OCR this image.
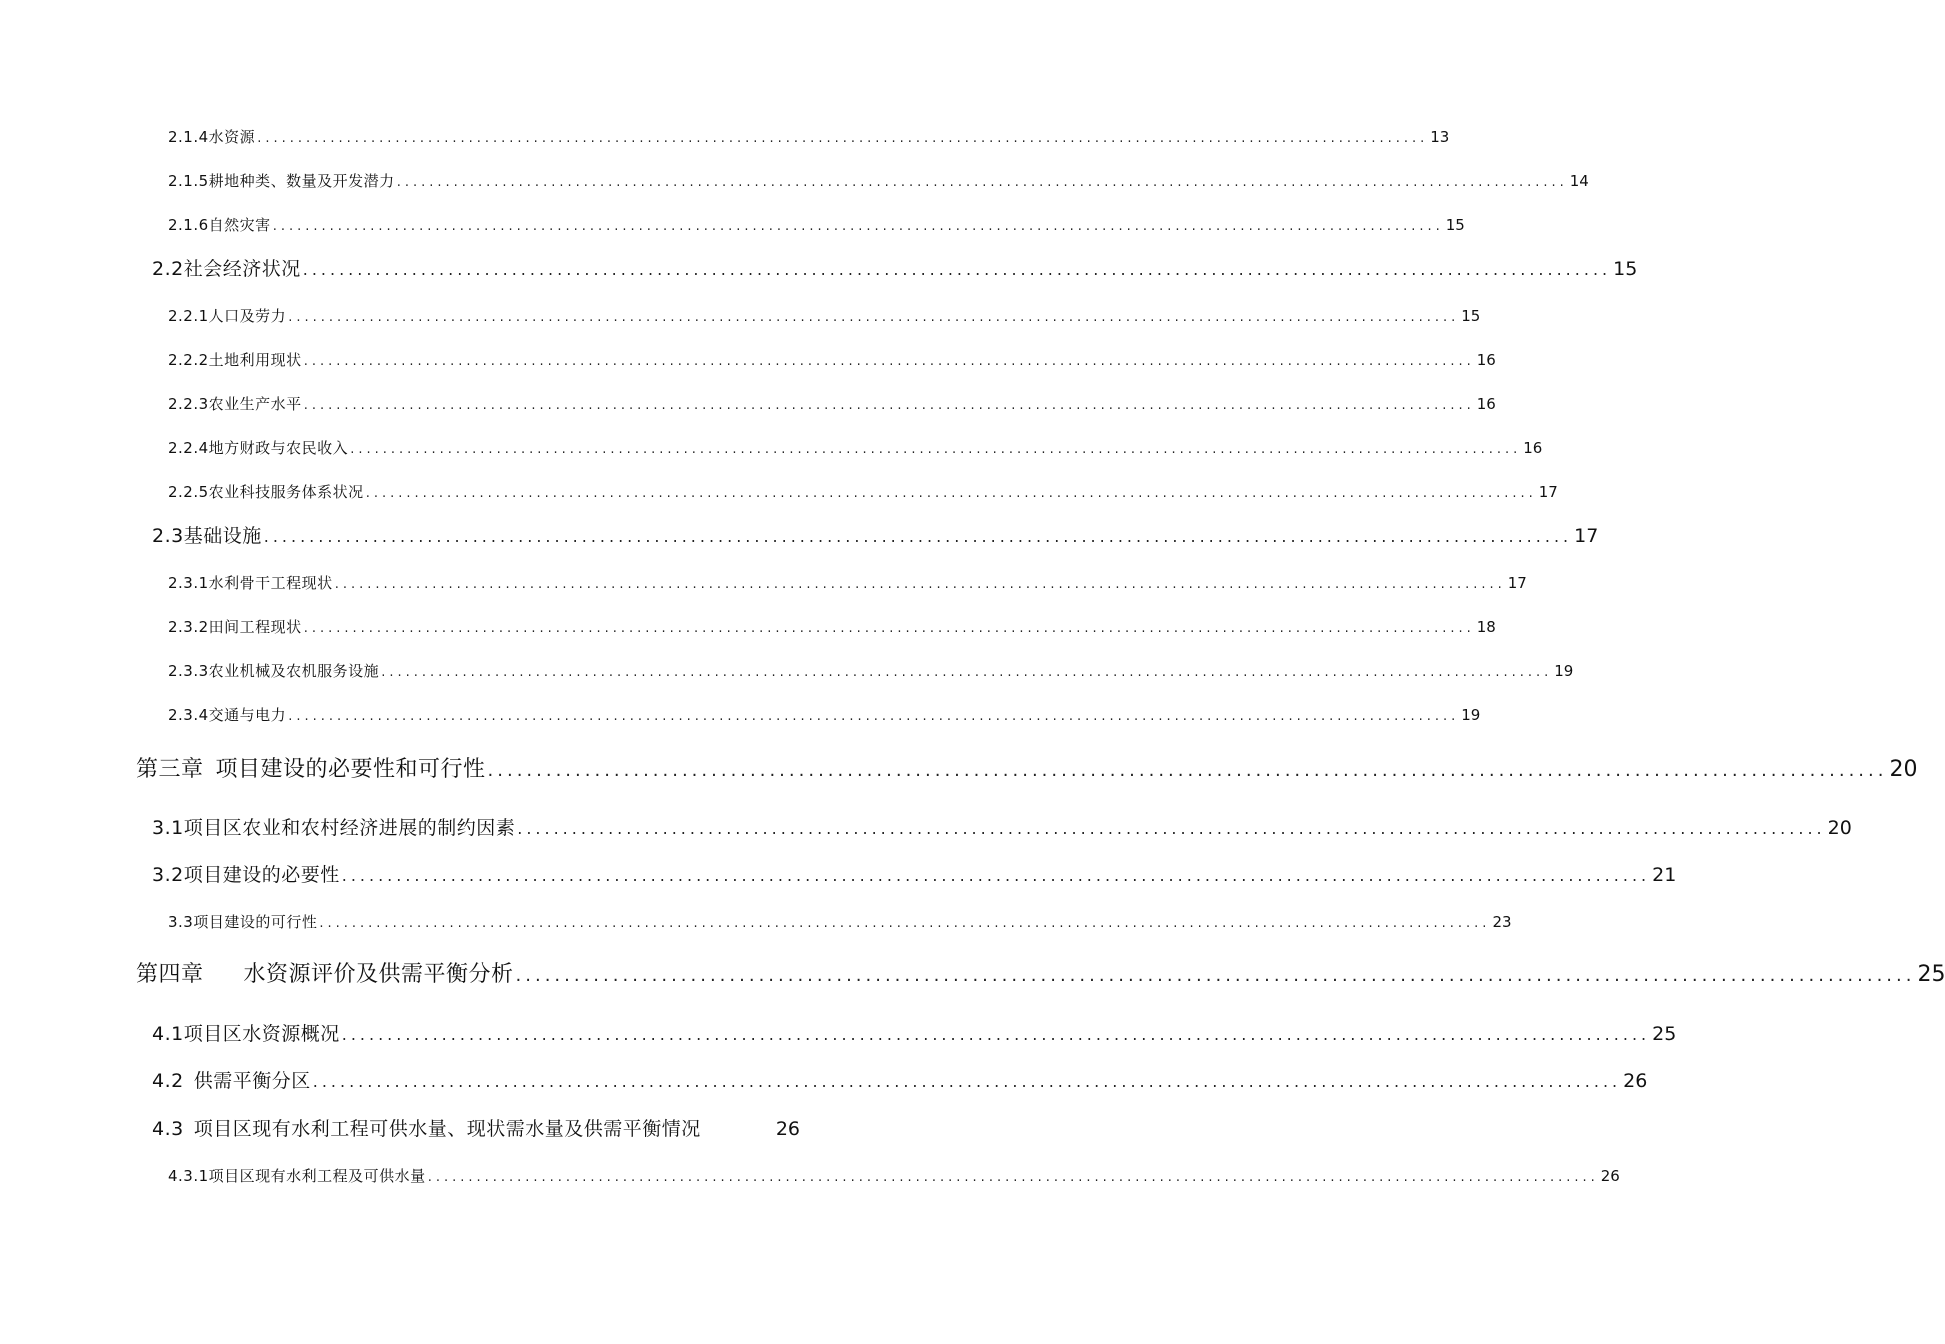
2.1.4水资源 ................................................................................................................................................ 13
2.1.5耕地种类、数量及开发潜力 ................................................................................................................................................ 14
2.1.6自然灾害 ................................................................................................................................................ 15
2.2社会经济状况 ................................................................................................................................................ 15
2.2.1人口及劳力 ................................................................................................................................................ 15
2.2.2土地利用现状 ................................................................................................................................................ 16
2.2.3农业生产水平 ................................................................................................................................................ 16
2.2.4地方财政与农民收入 ................................................................................................................................................ 16
2.2.5农业科技服务体系状况 ................................................................................................................................................ 17
2.3基础设施 ................................................................................................................................................ 17
2.3.1水利骨干工程现状 ................................................................................................................................................ 17
2.3.2田间工程现状 ................................................................................................................................................ 18
2.3.3农业机械及农机服务设施 ................................................................................................................................................ 19
2.3.4交通与电力 ................................................................................................................................................ 19
第三章 项目建设的必要性和可行性 ................................................................................................................................................ 20
3.1项目区农业和农村经济进展的制约因素 ................................................................................................................................................ 20
3.2项目建设的必要性 ................................................................................................................................................ 21
3.3项目建设的可行性 ................................................................................................................................................ 23
第四章 水资源评价及供需平衡分析 ................................................................................................................................................ 25
4.1项目区水资源概况 ................................................................................................................................................ 25
4.2 供需平衡分区 ................................................................................................................................................ 26
4.3 项目区现有水利工程可供水量、现状需水量及供需平衡情况	26
4.3.1项目区现有水利工程及可供水量 ................................................................................................................................................ 26
